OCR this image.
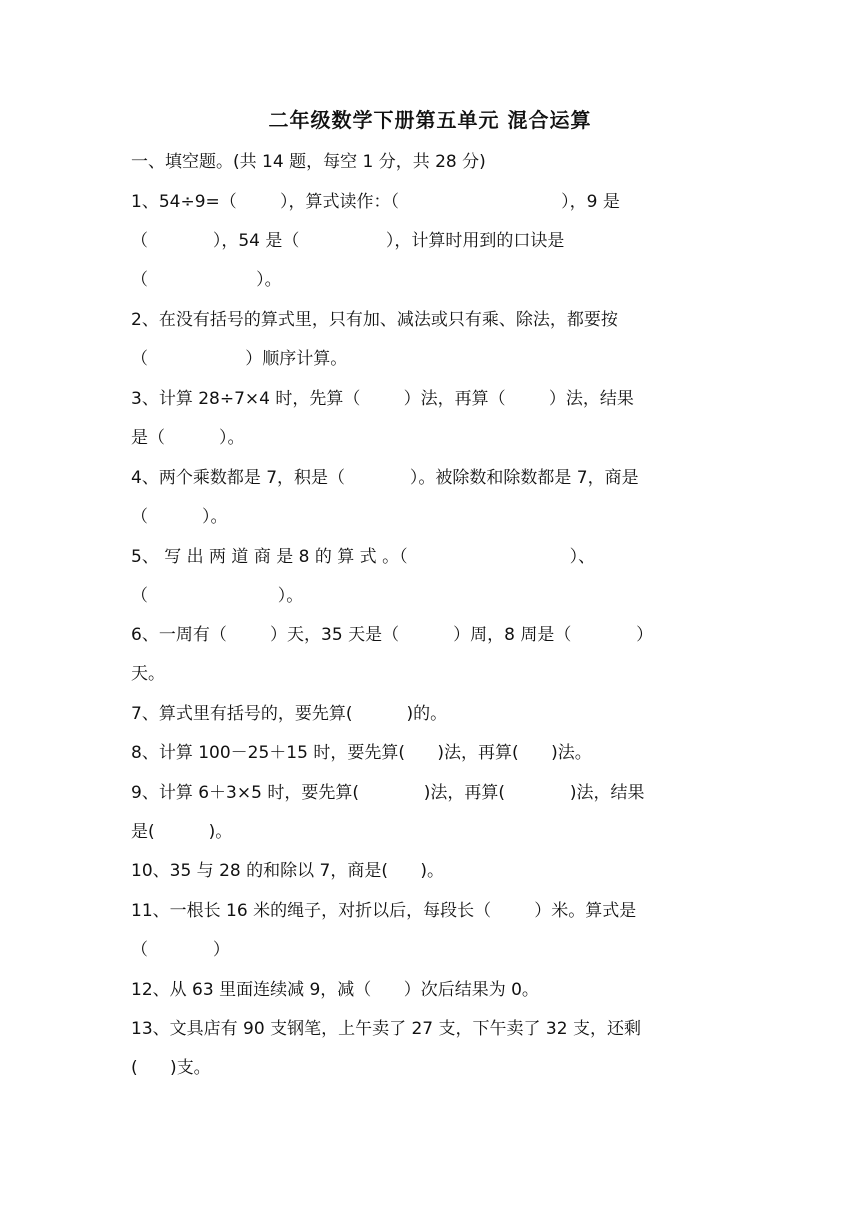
二年级数学下册第五单元 混合运算
一、填空题。(共 14 题，每空 1 分，共 28 分)
1、54÷9=（        ），算式读作：（                              ），9 是
（            ），54 是（                ），计算时用到的口诀是
（                    ）。
2、在没有括号的算式里，只有加、减法或只有乘、除法，都要按
（                  ）顺序计算。
3、计算 28÷7×4 时，先算（        ）法，再算（        ）法，结果
是（          ）。
4、两个乘数都是 7，积是（            ）。被除数和除数都是 7，商是
（          ）。
5、 写 出 两 道 商 是 8 的 算 式 。（                              ）、
（                        ）。
6、一周有（        ）天，35 天是（          ）周，8 周是（            ）
天。
7、算式里有括号的，要先算(          )的。
8、计算 100－25＋15 时，要先算(      )法，再算(      )法。
9、计算 6＋3×5 时，要先算(            )法，再算(            )法，结果
是(          )。
10、35 与 28 的和除以 7，商是(      )。
11、一根长 16 米的绳子，对折以后，每段长（        ）米。算式是
（            ）
12、从 63 里面连续减 9，减（      ）次后结果为 0。
13、文具店有 90 支钢笔，上午卖了 27 支，下午卖了 32 支，还剩
(      )支。
